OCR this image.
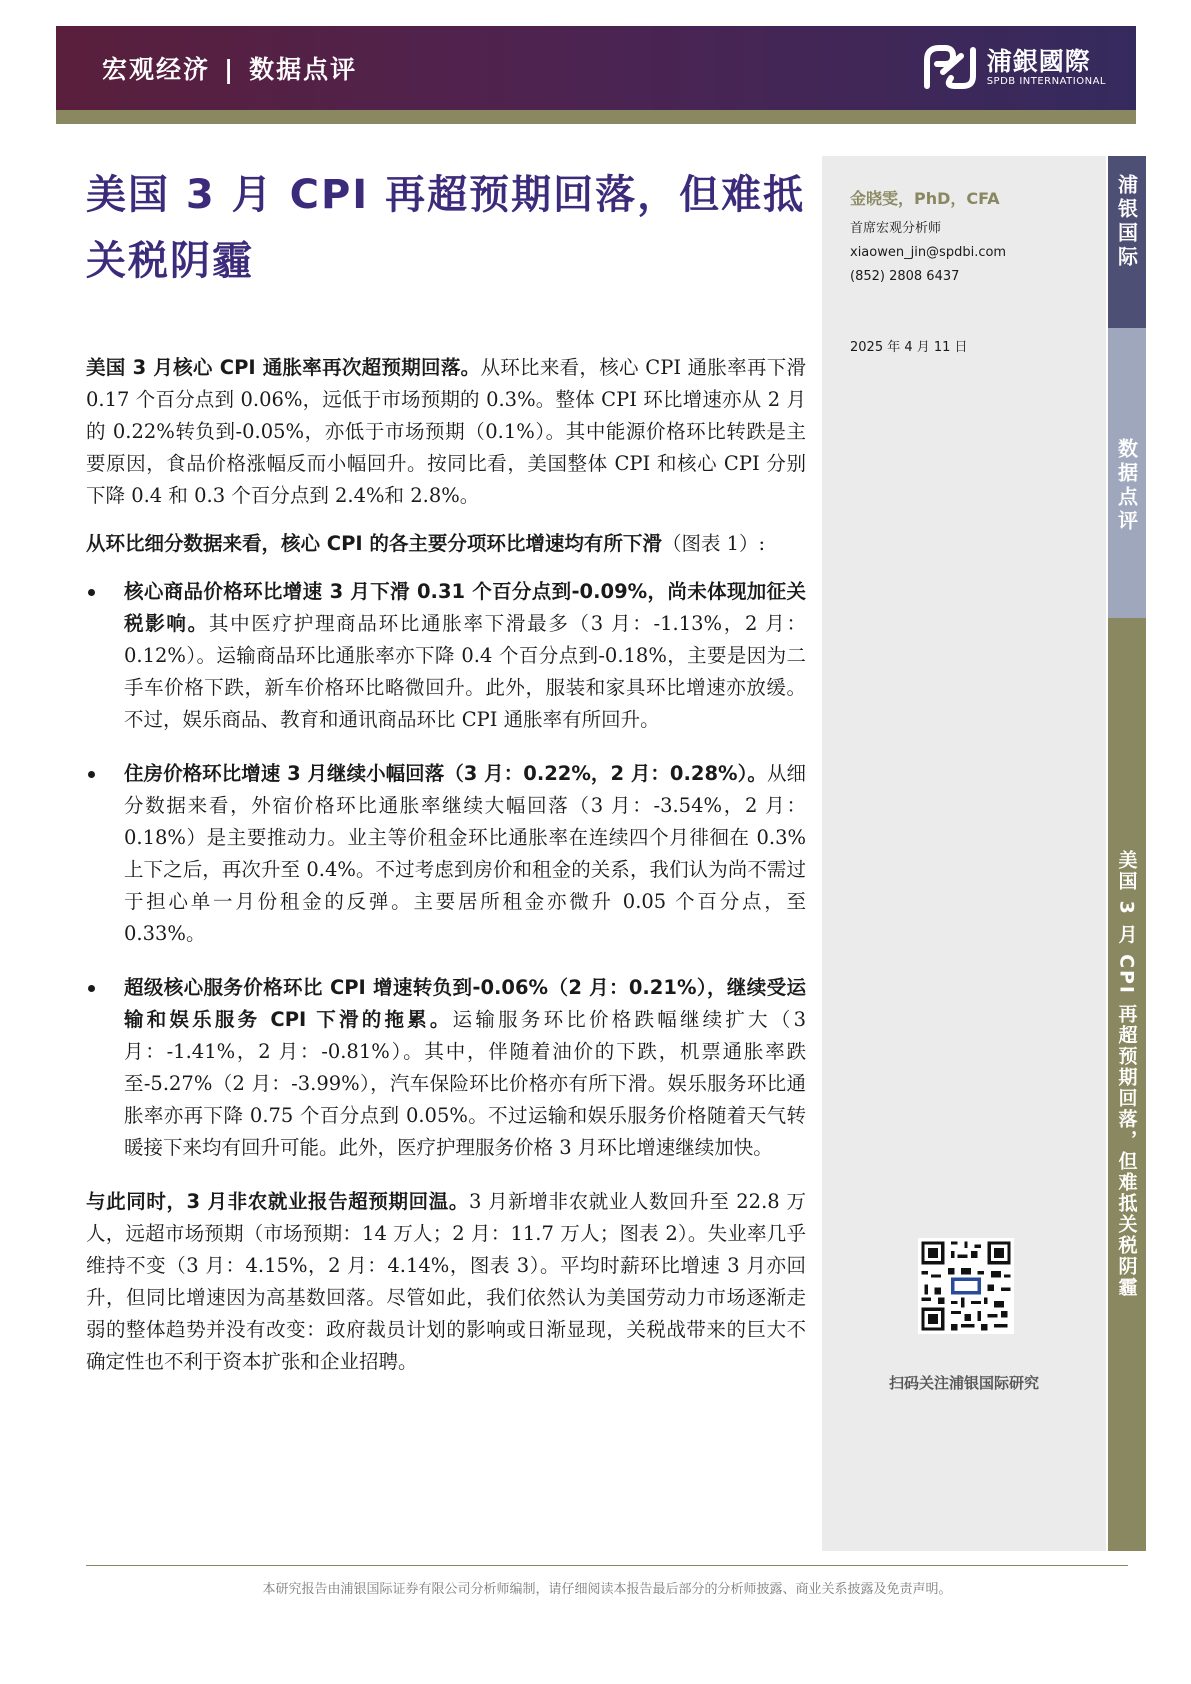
宏观经济 | 数据点评	浦銀國際
SPDB INTERNATIONAL
美国 3 月 CPI 再超预期回落，但难抵关税阴霾
金晓雯，PhD，CFA
首席宏观分析师
xiaowen_jin@spdbi.com
(852) 2808 6437
2025 年 4 月 11 日
浦银国际
数据点评
美国 3 月 CPI 再超预期回落，但难抵关税阴霾
扫码关注浦银国际研究

美国 3 月核心 CPI 通胀率再次超预期回落。从环比来看，核心 CPI 通胀率再下滑 0.17 个百分点到 0.06%，远低于市场预期的 0.3%。整体 CPI 环比增速亦从 2 月的 0.22%转负到-0.05%，亦低于市场预期（0.1%）。其中能源价格环比转跌是主要原因，食品价格涨幅反而小幅回升。按同比看，美国整体 CPI 和核心 CPI 分别下降 0.4 和 0.3 个百分点到 2.4%和 2.8%。

从环比细分数据来看，核心 CPI 的各主要分项环比增速均有所下滑（图表 1）:

核心商品价格环比增速 3 月下滑 0.31 个百分点到-0.09%，尚未体现加征关税影响。其中医疗护理商品环比通胀率下滑最多（3 月：-1.13%，2 月：0.12%）。运输商品环比通胀率亦下降 0.4 个百分点到-0.18%，主要是因为二手车价格下跌，新车价格环比略微回升。此外，服装和家具环比增速亦放缓。不过，娱乐商品、教育和通讯商品环比 CPI 通胀率有所回升。
住房价格环比增速 3 月继续小幅回落（3 月：0.22%，2 月：0.28%）。从细分数据来看，外宿价格环比通胀率继续大幅回落（3 月：-3.54%，2 月：0.18%）是主要推动力。业主等价租金环比通胀率在连续四个月徘徊在 0.3%上下之后，再次升至 0.4%。不过考虑到房价和租金的关系，我们认为尚不需过于担心单一月份租金的反弹。主要居所租金亦微升 0.05 个百分点，至 0.33%。
超级核心服务价格环比 CPI 增速转负到-0.06%（2 月：0.21%），继续受运输和娱乐服务 CPI 下滑的拖累。运输服务环比价格跌幅继续扩大（3 月：-1.41%，2 月：-0.81%）。其中，伴随着油价的下跌，机票通胀率跌至-5.27%（2 月：-3.99%），汽车保险环比价格亦有所下滑。娱乐服务环比通胀率亦再下降 0.75 个百分点到 0.05%。不过运输和娱乐服务价格随着天气转暖接下来均有回升可能。此外，医疗护理服务价格 3 月环比增速继续加快。

与此同时，3 月非农就业报告超预期回温。3 月新增非农就业人数回升至 22.8 万人，远超市场预期（市场预期：14 万人；2 月：11.7 万人；图表 2）。失业率几乎维持不变（3 月：4.15%，2 月：4.14%，图表 3）。平均时薪环比增速 3 月亦回升，但同比增速因为高基数回落。尽管如此，我们依然认为美国劳动力市场逐渐走弱的整体趋势并没有改变：政府裁员计划的影响或日渐显现，关税战带来的巨大不确定性也不利于资本扩张和企业招聘。

本研究报告由浦银国际证券有限公司分析师编制，请仔细阅读本报告最后部分的分析师披露、商业关系披露及免责声明。
